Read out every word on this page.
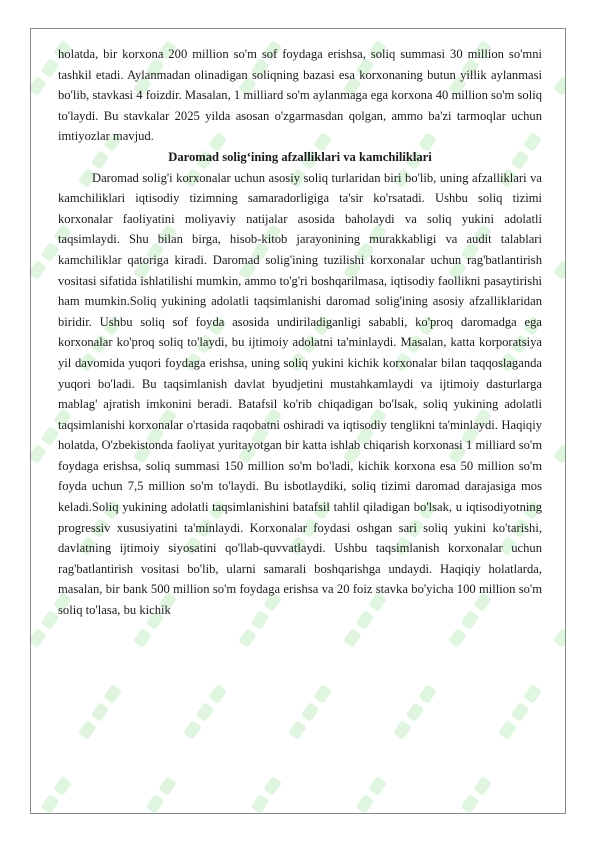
holatda, bir korxona 200 million so'm sof foydaga erishsa, soliq summasi 30 million so'mni tashkil etadi. Aylanmadan olinadigan soliqning bazasi esa korxonaning butun yillik aylanmasi bo'lib, stavkasi 4 foizdir. Masalan, 1 milliard so'm aylanmaga ega korxona 40 million so'm soliq to'laydi. Bu stavkalar 2025 yilda asosan o'zgarmasdan qolgan, ammo ba'zi tarmoqlar uchun imtiyozlar mavjud.

Daromad solig‘ining afzalliklari va kamchiliklari

Daromad solig'i korxonalar uchun asosiy soliq turlaridan biri bo'lib, uning afzalliklari va kamchiliklari iqtisodiy tizimning samaradorligiga ta'sir ko'rsatadi. Ushbu soliq tizimi korxonalar faoliyatini moliyaviy natijalar asosida baholaydi va soliq yukini adolatli taqsimlaydi. Shu bilan birga, hisob-kitob jarayonining murakkabligi va audit talablari kamchiliklar qatoriga kiradi. Daromad solig'ining tuzilishi korxonalar uchun rag'batlantirish vositasi sifatida ishlatilishi mumkin, ammo to'g'ri boshqarilmasa, iqtisodiy faollikni pasaytirishi ham mumkin.Soliq yukining adolatli taqsimlanishi daromad solig'ining asosiy afzalliklaridan biridir. Ushbu soliq sof foyda asosida undiriladiganligi sababli, ko'proq daromadga ega korxonalar ko'proq soliq to'laydi, bu ijtimoiy adolatni ta'minlaydi. Masalan, katta korporatsiya yil davomida yuqori foydaga erishsa, uning soliq yukini kichik korxonalar bilan taqqoslaganda yuqori bo'ladi. Bu taqsimlanish davlat byudjetini mustahkamlaydi va ijtimoiy dasturlarga mablag' ajratish imkonini beradi. Batafsil ko'rib chiqadigan bo'lsak, soliq yukining adolatli taqsimlanishi korxonalar o'rtasida raqobatni oshiradi va iqtisodiy tenglikni ta'minlaydi. Haqiqiy holatda, O'zbekistonda faoliyat yuritayotgan bir katta ishlab chiqarish korxonasi 1 milliard so'm foydaga erishsa, soliq summasi 150 million so'm bo'ladi, kichik korxona esa 50 million so'm foyda uchun 7,5 million so'm to'laydi. Bu isbotlaydiki, soliq tizimi daromad darajasiga mos keladi.Soliq yukining adolatli taqsimlanishini batafsil tahlil qiladigan bo'lsak, u iqtisodiyotning progressiv xususiyatini ta'minlaydi. Korxonalar foydasi oshgan sari soliq yukini ko'tarishi, davlatning ijtimoiy siyosatini qo'llab-quvvatlaydi. Ushbu taqsimlanish korxonalar uchun rag'batlantirish vositasi bo'lib, ularni samarali boshqarishga undaydi. Haqiqiy holatlarda, masalan, bir bank 500 million so'm foydaga erishsa va 20 foiz stavka bo'yicha 100 million so'm soliq to'lasa, bu kichik
